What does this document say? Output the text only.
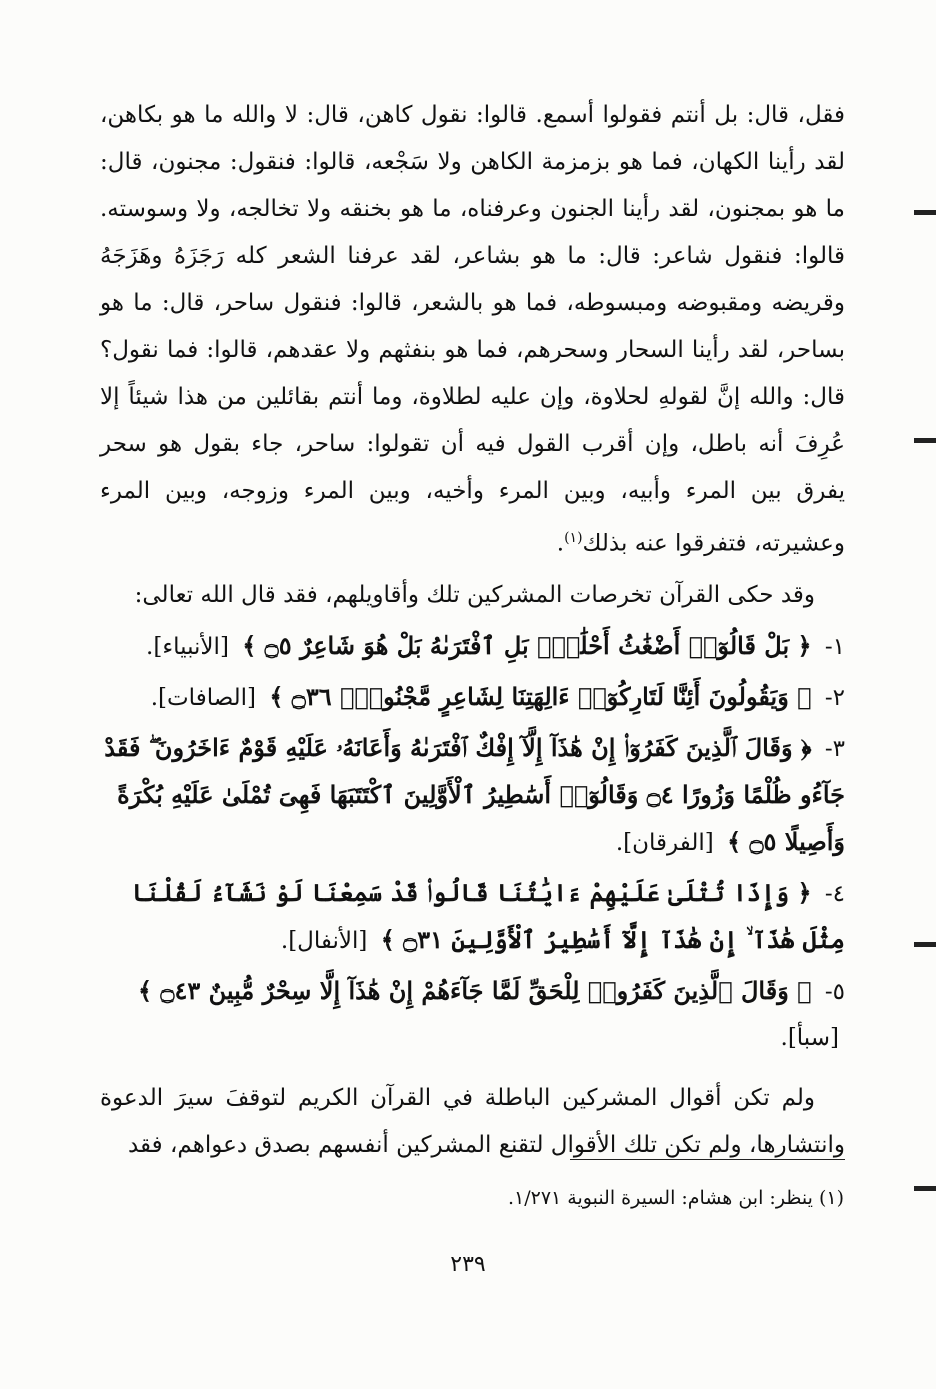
فقل، قال: بل أنتم فقولوا أسمع. قالوا: نقول كاهن، قال: لا والله ما هو بكاهن، لقد رأينا الكهان، فما هو بزمزمة الكاهن ولا سَجْعه، قالوا: فنقول: مجنون، قال: ما هو بمجنون، لقد رأينا الجنون وعرفناه، ما هو بخنقه ولا تخالجه، ولا وسوسته. قالوا: فنقول شاعر: قال: ما هو بشاعر، لقد عرفنا الشعر كله رَجَزَهُ وهَزَجَهُ وقريضه ومقبوضه ومبسوطه، فما هو بالشعر، قالوا: فنقول ساحر، قال: ما هو بساحر، لقد رأينا السحار وسحرهم، فما هو بنفثهم ولا عقدهم، قالوا: فما نقول؟ قال: والله إنَّ لقولهِ لحلاوة، وإن عليه لطلاوة، وما أنتم بقائلين من هذا شيئاً إلا عُرِفَ أنه باطل، وإن أقرب القول فيه أن تقولوا: ساحر، جاء بقول هو سحر يفرق بين المرء وأبيه، وبين المرء وأخيه، وبين المرء وزوجه، وبين المرء وعشيرته، فتفرقوا عنه بذلك$^{(١)}$.

وقد حكى القرآن تخرصات المشركين تلك وأقاويلهم، فقد قال الله تعالى:

١- ﴿ بَلْ قَالُوٓا۟ أَضْغَٰثُ أَحْلَٰمٍۭ بَلِ ٱفْتَرَىٰهُ بَلْ هُوَ شَاعِرٌ ۝٥ ﴾ [الأنبياء].
٢- ﴿ وَيَقُولُونَ أَئِنَّا لَتَارِكُوٓا۟ ءَالِهَتِنَا لِشَاعِرٍ مَّجْنُونٍۭ ۝٣٦ ﴾ [الصافات].
٣- ﴿ وَقَالَ ٱلَّذِينَ كَفَرُوٓا۟ إِنْ هَٰذَآ إِلَّآ إِفْكٌ ٱفْتَرَىٰهُ وَأَعَانَهُۥ عَلَيْهِ قَوْمٌ ءَاخَرُونَ ۖ فَقَدْ جَآءُو ظُلْمًا وَزُورًا ۝٤ وَقَالُوٓا۟ أَسَٰطِيرُ ٱلْأَوَّلِينَ ٱكْتَتَبَهَا فَهِىَ تُمْلَىٰ عَلَيْهِ بُكْرَةً وَأَصِيلًا ۝٥ ﴾ [الفرقان].
٤- ﴿ وَإِذَا تُتْلَىٰ عَلَيْهِمْ ءَايَٰتُنَا قَالُوا۟ قَدْ سَمِعْنَا لَوْ نَشَآءُ لَقُلْنَا مِثْلَ هَٰذَآ ۙ إِنْ هَٰذَآ إِلَّآ أَسَٰطِيرُ ٱلْأَوَّلِينَ ۝٣١ ﴾ [الأنفال].
٥- ﴿ وَقَالَ ٱلَّذِينَ كَفَرُوا۟ لِلْحَقِّ لَمَّا جَآءَهُمْ إِنْ هَٰذَآ إِلَّا سِحْرٌ مُّبِينٌ ۝٤٣ ﴾ [سبأ].

ولم تكن أقوال المشركين الباطلة في القرآن الكريم لتوقفَ سيرَ الدعوة وانتشارها، ولم تكن تلك الأقوال لتقنع المشركين أنفسهم بصدق دعواهم، فقد

(١) ينظر: ابن هشام: السيرة النبوية ١/٢٧١.
٢٣٩
